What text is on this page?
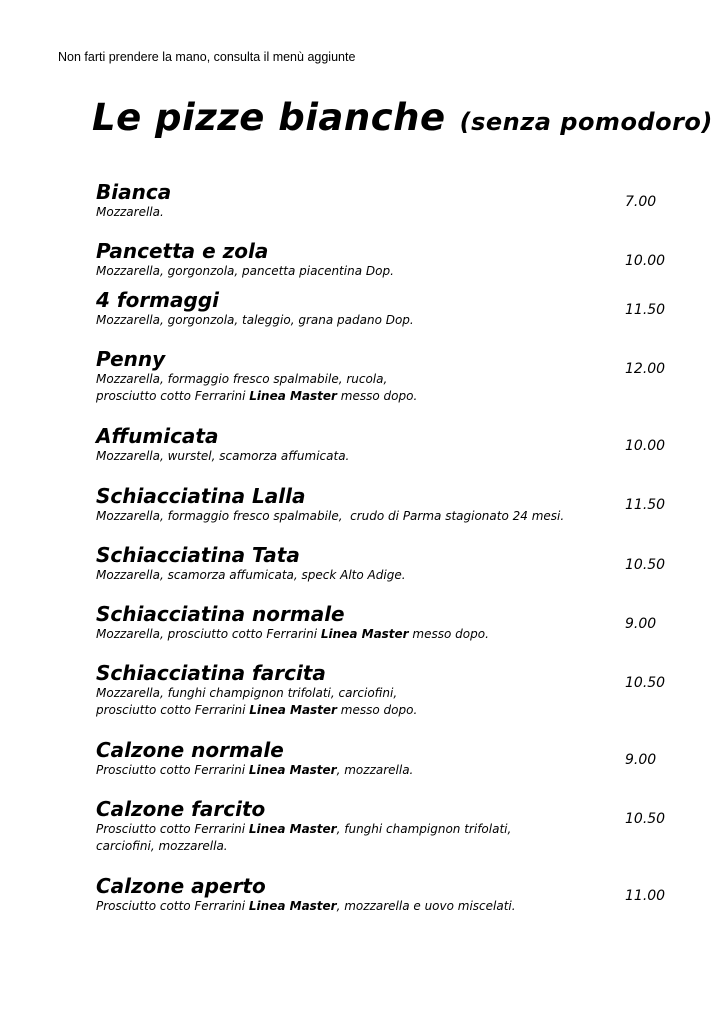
Non farti prendere la mano, consulta il menù aggiunte
Le pizze bianche (senza pomodoro)
Bianca
Mozzarella.
7.00
Pancetta e zola
Mozzarella, gorgonzola, pancetta piacentina Dop.
10.00
4 formaggi
Mozzarella, gorgonzola, taleggio, grana padano Dop.
11.50
Penny
Mozzarella, formaggio fresco spalmabile, rucola,
prosciutto cotto Ferrarini Linea Master messo dopo.
12.00
Affumicata
Mozzarella, wurstel, scamorza affumicata.
10.00
Schiacciatina Lalla
Mozzarella, formaggio fresco spalmabile,  crudo di Parma stagionato 24 mesi.
11.50
Schiacciatina Tata
Mozzarella, scamorza affumicata, speck Alto Adige.
10.50
Schiacciatina normale
Mozzarella, prosciutto cotto Ferrarini Linea Master messo dopo.
9.00
Schiacciatina farcita
Mozzarella, funghi champignon trifolati, carciofini,
prosciutto cotto Ferrarini Linea Master messo dopo.
10.50
Calzone normale
Prosciutto cotto Ferrarini Linea Master, mozzarella.
9.00
Calzone farcito
Prosciutto cotto Ferrarini Linea Master, funghi champignon trifolati,
carciofini, mozzarella.
10.50
Calzone aperto
Prosciutto cotto Ferrarini Linea Master, mozzarella e uovo miscelati.
11.00
